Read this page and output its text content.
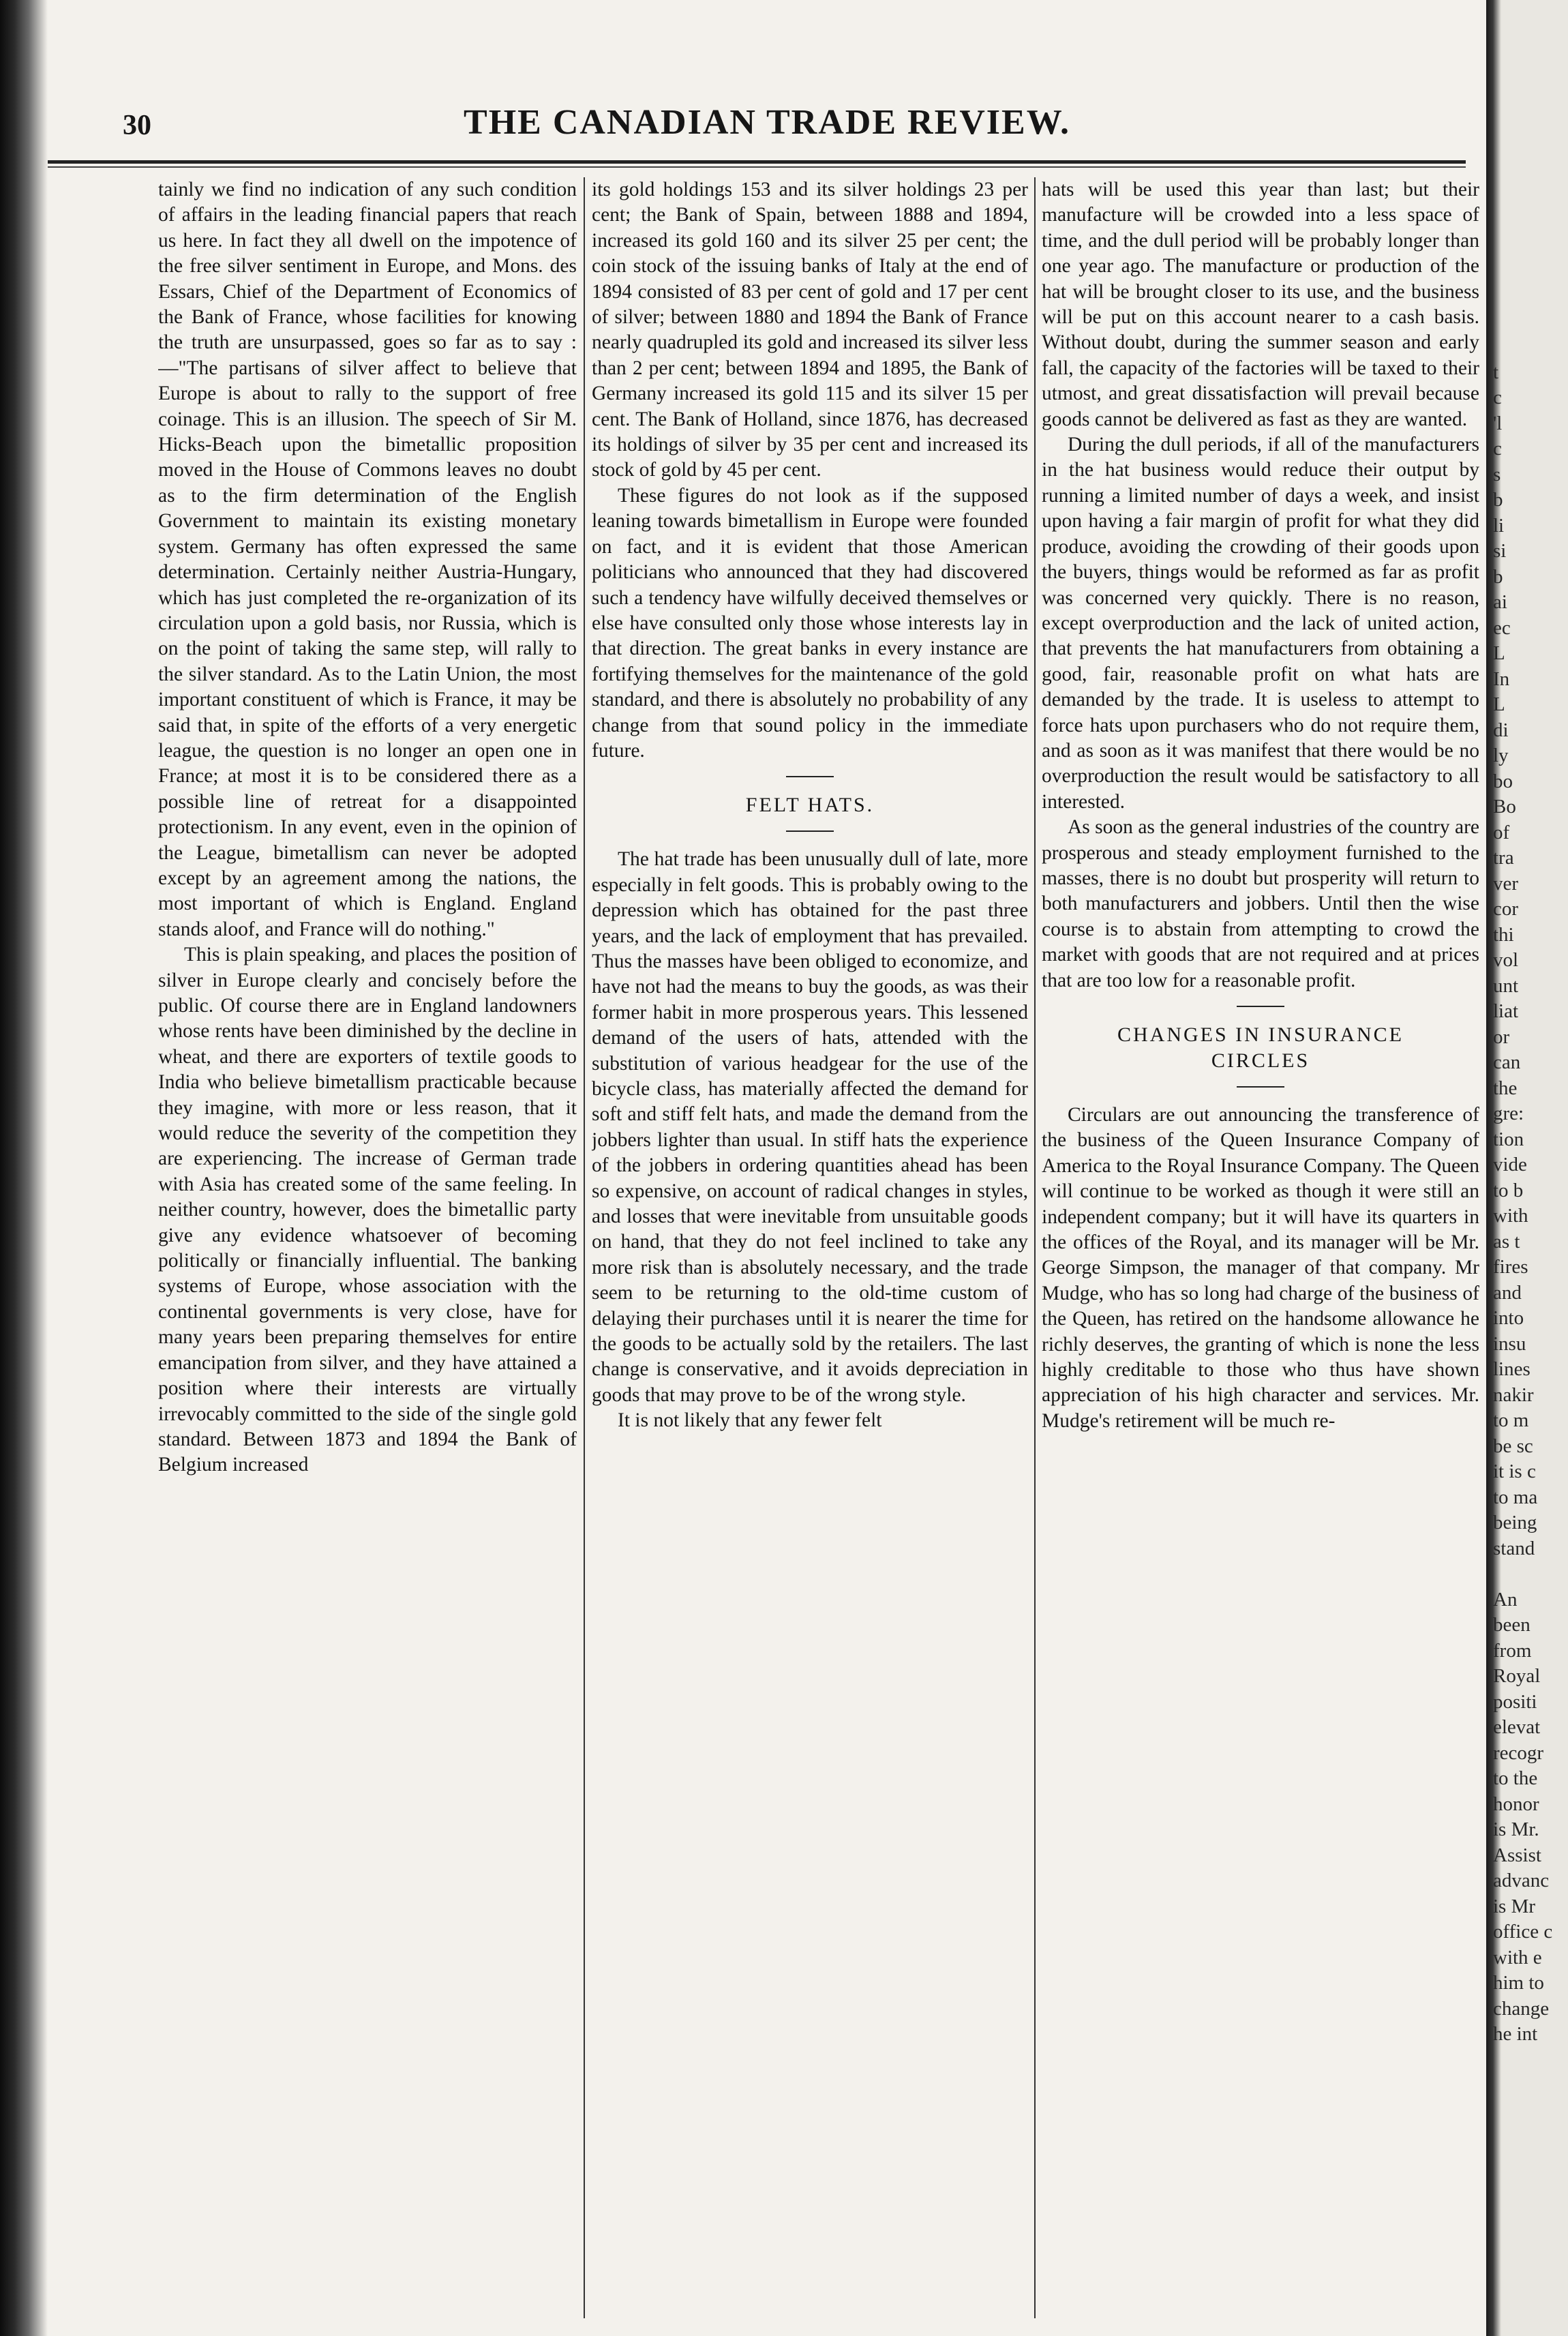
t
c
'l
c
s
b
li
si
b
ai
ec
L
In
L
di
ly
bo
Bo
of
tra
ver
cor
thi
vol
unt
liat
or
can
the
gre:
tion
vide
to b
with
as t
fires
and
into
insu
lines
nakir
to m
be sc
it is c
to ma
being
stand

An
been
from
Royal
positi
elevat
recogr
to the
honor
is Mr.
Assist
advanc
is Mr
office c
with e
him to
change
he int
30	THE CANADIAN TRADE REVIEW.

tainly we find no indication of any such condition of affairs in the leading financial papers that reach us here. In fact they all dwell on the impotence of the free silver sentiment in Europe, and Mons. des Essars, Chief of the Department of Economics of the Bank of France, whose facilities for knowing the truth are unsurpassed, goes so far as to say :—"The partisans of silver affect to believe that Europe is about to rally to the support of free coinage. This is an illusion. The speech of Sir M. Hicks-Beach upon the bimetallic proposition moved in the House of Commons leaves no doubt as to the firm determination of the English Government to maintain its existing monetary system. Germany has often expressed the same determination. Certainly neither Austria-Hungary, which has just completed the re-organization of its circulation upon a gold basis, nor Russia, which is on the point of taking the same step, will rally to the silver standard. As to the Latin Union, the most important constituent of which is France, it may be said that, in spite of the efforts of a very energetic league, the question is no longer an open one in France; at most it is to be considered there as a possible line of retreat for a disappointed protectionism. In any event, even in the opinion of the League, bimetallism can never be adopted except by an agreement among the nations, the most important of which is England. England stands aloof, and France will do nothing."

This is plain speaking, and places the position of silver in Europe clearly and concisely before the public. Of course there are in England landowners whose rents have been diminished by the decline in wheat, and there are exporters of textile goods to India who believe bimetallism practicable because they imagine, with more or less reason, that it would reduce the severity of the competition they are experiencing. The increase of German trade with Asia has created some of the same feeling. In neither country, however, does the bimetallic party give any evidence whatsoever of becoming politically or financially influential. The banking systems of Europe, whose association with the continental governments is very close, have for many years been preparing themselves for entire emancipation from silver, and they have attained a position where their interests are virtually irrevocably committed to the side of the single gold standard. Between 1873 and 1894 the Bank of Belgium increased

its gold holdings 153 and its silver holdings 23 per cent; the Bank of Spain, between 1888 and 1894, increased its gold 160 and its silver 25 per cent; the coin stock of the issuing banks of Italy at the end of 1894 consisted of 83 per cent of gold and 17 per cent of silver; between 1880 and 1894 the Bank of France nearly quadrupled its gold and increased its silver less than 2 per cent; between 1894 and 1895, the Bank of Germany increased its gold 115 and its silver 15 per cent. The Bank of Holland, since 1876, has decreased its holdings of silver by 35 per cent and increased its stock of gold by 45 per cent.

These figures do not look as if the supposed leaning towards bimetallism in Europe were founded on fact, and it is evident that those American politicians who announced that they had discovered such a tendency have wilfully deceived themselves or else have consulted only those whose interests lay in that direction. The great banks in every instance are fortifying themselves for the maintenance of the gold standard, and there is absolutely no probability of any change from that sound policy in the immediate future.

FELT HATS.

The hat trade has been unusually dull of late, more especially in felt goods. This is probably owing to the depression which has obtained for the past three years, and the lack of employment that has prevailed. Thus the masses have been obliged to economize, and have not had the means to buy the goods, as was their former habit in more prosperous years. This lessened demand of the users of hats, attended with the substitution of various headgear for the use of the bicycle class, has materially affected the demand for soft and stiff felt hats, and made the demand from the jobbers lighter than usual. In stiff hats the experience of the jobbers in ordering quantities ahead has been so expensive, on account of radical changes in styles, and losses that were inevitable from unsuitable goods on hand, that they do not feel inclined to take any more risk than is absolutely necessary, and the trade seem to be returning to the old-time custom of delaying their purchases until it is nearer the time for the goods to be actually sold by the retailers. The last change is conservative, and it avoids depreciation in goods that may prove to be of the wrong style.

It is not likely that any fewer felt

hats will be used this year than last; but their manufacture will be crowded into a less space of time, and the dull period will be probably longer than one year ago. The manufacture or production of the hat will be brought closer to its use, and the business will be put on this account nearer to a cash basis. Without doubt, during the summer season and early fall, the capacity of the factories will be taxed to their utmost, and great dissatisfaction will prevail because goods cannot be delivered as fast as they are wanted.

During the dull periods, if all of the manufacturers in the hat business would reduce their output by running a limited number of days a week, and insist upon having a fair margin of profit for what they did produce, avoiding the crowding of their goods upon the buyers, things would be reformed as far as profit was concerned very quickly. There is no reason, except overproduction and the lack of united action, that prevents the hat manufacturers from obtaining a good, fair, reasonable profit on what hats are demanded by the trade. It is useless to attempt to force hats upon purchasers who do not require them, and as soon as it was manifest that there would be no overproduction the result would be satisfactory to all interested.

As soon as the general industries of the country are prosperous and steady employment furnished to the masses, there is no doubt but prosperity will return to both manufacturers and jobbers. Until then the wise course is to abstain from attempting to crowd the market with goods that are not required and at prices that are too low for a reasonable profit.

CHANGES IN INSURANCE

CIRCLES

Circulars are out announcing the transference of the business of the Queen Insurance Company of America to the Royal Insurance Company. The Queen will continue to be worked as though it were still an independent company; but it will have its quarters in the offices of the Royal, and its manager will be Mr. George Simpson, the manager of that company. Mr Mudge, who has so long had charge of the business of the Queen, has retired on the handsome allowance he richly deserves, the granting of which is none the less highly creditable to those who thus have shown appreciation of his high character and services. Mr. Mudge's retirement will be much re-
